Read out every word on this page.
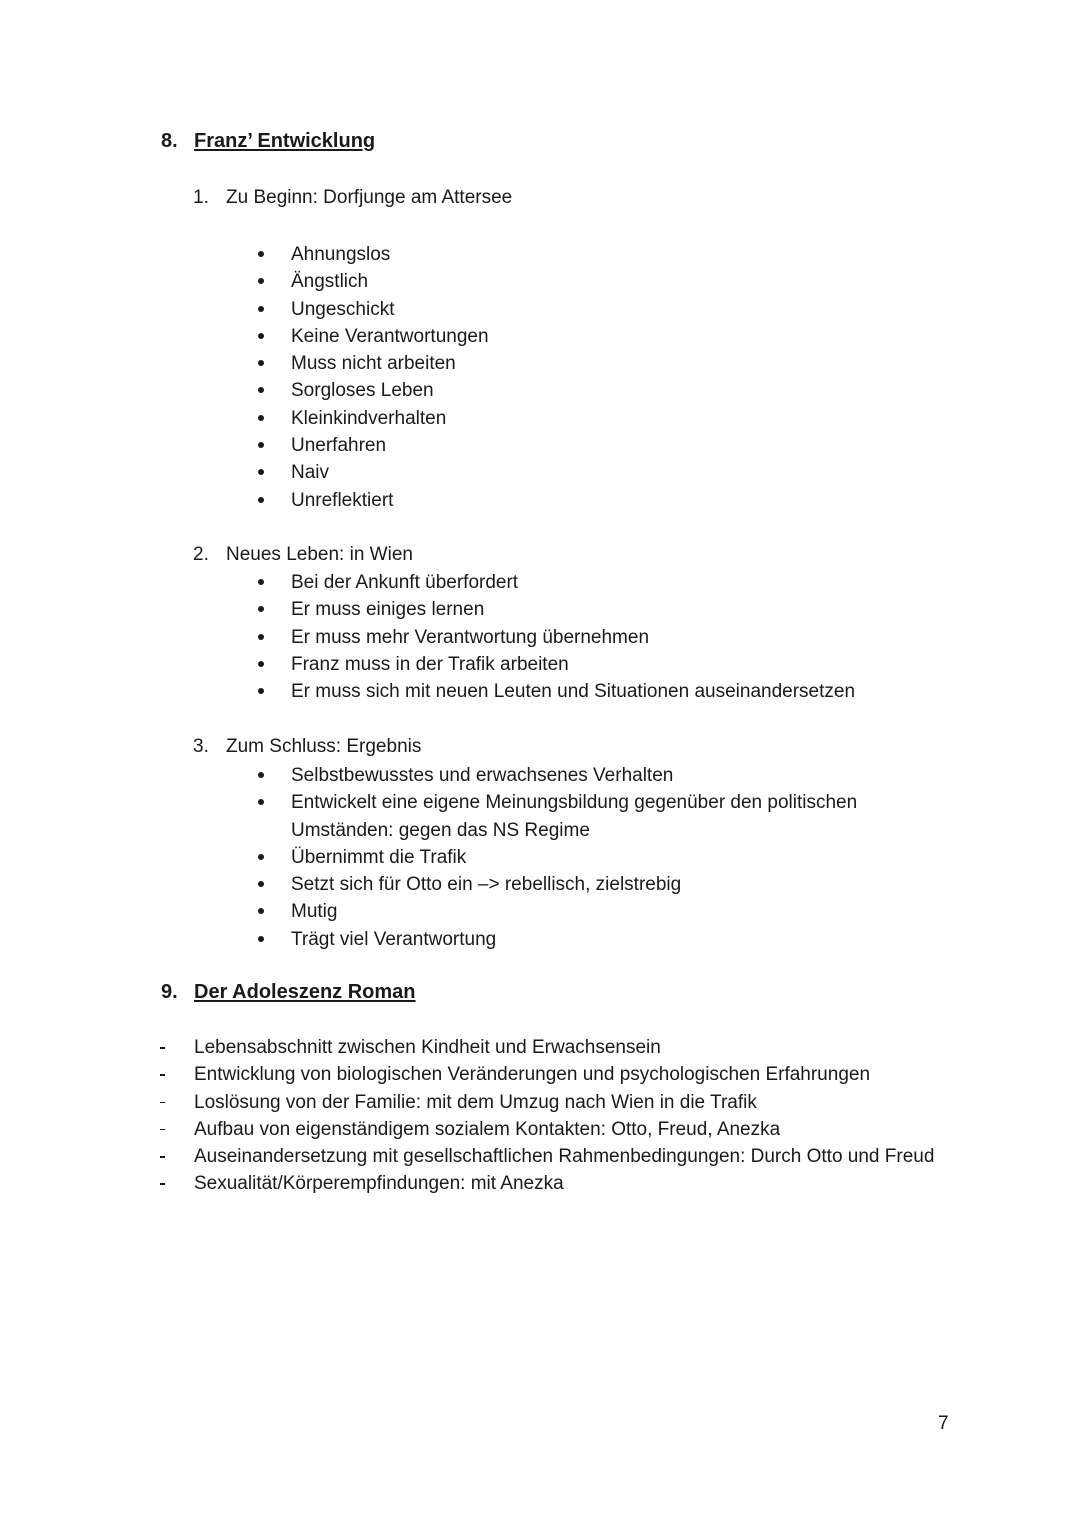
8. Franz’ Entwicklung
1. Zu Beginn: Dorfjunge am Attersee
Ahnungslos
Ängstlich
Ungeschickt
Keine Verantwortungen
Muss nicht arbeiten
Sorgloses Leben
Kleinkindverhalten
Unerfahren
Naiv
Unreflektiert
2. Neues Leben: in Wien
Bei der Ankunft überfordert
Er muss einiges lernen
Er muss mehr Verantwortung übernehmen
Franz muss in der Trafik arbeiten
Er muss sich mit neuen Leuten und Situationen auseinandersetzen
3. Zum Schluss: Ergebnis
Selbstbewusstes und erwachsenes Verhalten
Entwickelt eine eigene Meinungsbildung gegenüber den politischen
Umständen: gegen das NS Regime
Übernimmt die Trafik
Setzt sich für Otto ein –> rebellisch, zielstrebig
Mutig
Trägt viel Verantwortung
9. Der Adoleszenz Roman
Lebensabschnitt zwischen Kindheit und Erwachsensein
Entwicklung von biologischen Veränderungen und psychologischen Erfahrungen
Loslösung von der Familie: mit dem Umzug nach Wien in die Trafik
Aufbau von eigenständigem sozialem Kontakten: Otto, Freud, Anezka
Auseinandersetzung mit gesellschaftlichen Rahmenbedingungen: Durch Otto und Freud
Sexualität/Körperempfindungen: mit Anezka
7
